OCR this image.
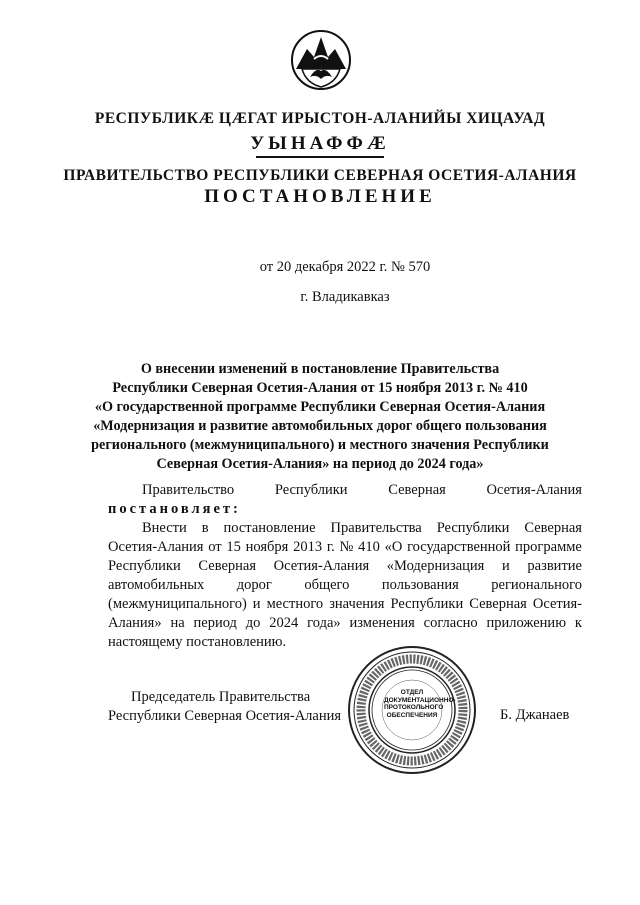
РЕСПУБЛИКӔ ЦӔГАТ ИРЫСТОН-АЛАНИЙЫ ХИЦАУАД
УЫНАФФӔ
ПРАВИТЕЛЬСТВО РЕСПУБЛИКИ СЕВЕРНАЯ ОСЕТИЯ-АЛАНИЯ
ПОСТАНОВЛЕНИЕ
от 20 декабря 2022 г. № 570
г. Владикавказ
О внесении изменений в постановление Правительства
Республики Северная Осетия-Алания от 15 ноября 2013 г. № 410
«О государственной программе Республики Северная Осетия-Алания
«Модернизация и развитие автомобильных дорог общего пользования
регионального (межмуниципального) и местного значения Республики
Северная Осетия-Алания» на период до 2024 года»
Правительство	Республики	Северная	Осетия-Алания
постановляет:
Внести в постановление Правительства Республики Северная
Осетия-Алания от 15 ноября 2013 г. № 410 «О государственной программе
Республики Северная Осетия-Алания «Модернизация и развитие
автомобильных дорог общего пользования регионального
(межмуниципального) и местного значения Республики Северная Осетия-
Алания» на период до 2024 года» изменения согласно приложению к
настоящему постановлению.
Председатель Правительства
Республики Северная Осетия-Алания	Б. Джанаев
ОТДЕЛ
ДОКУМЕНТАЦИОННО-
ПРОТОКОЛЬНОГО
ОБЕСПЕЧЕНИЯ
